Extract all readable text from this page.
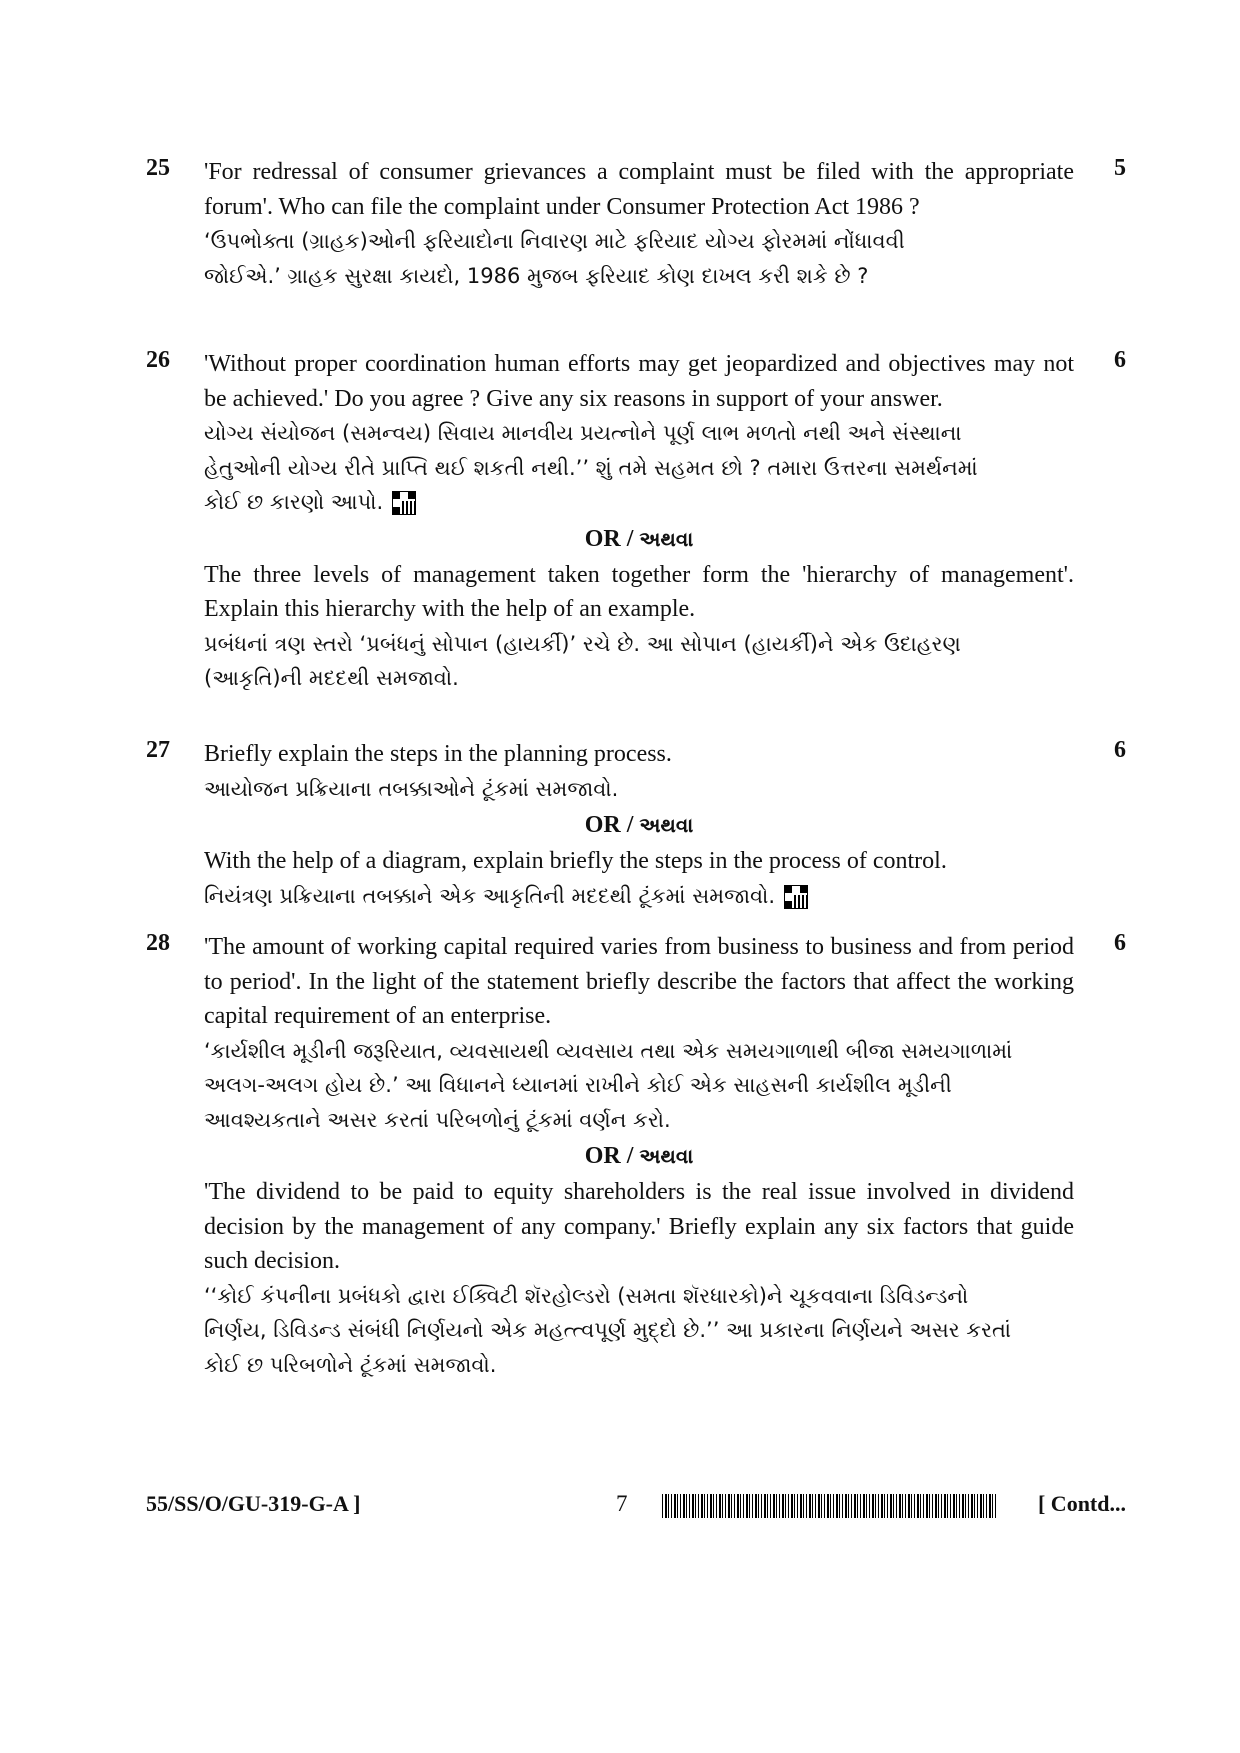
25	5

'For redressal of consumer grievances a complaint must be filed with the appropriate forum'. Who can file the complaint under Consumer Protection Act 1986 ?

‘ઉપભોક્તા (ગ્રાહક)ઓની ફરિયાદોના નિવારણ માટે ફરિયાદ યોગ્ય ફોરમમાં નોંધાવવી

જોઈએ.’ ગ્રાહક સુરક્ષા કાયદો, 1986 મુજબ ફરિયાદ કોણ દાખલ કરી શકે છે ?

26	6

'Without proper coordination human efforts may get jeopardized and objectives may not be achieved.' Do you agree ? Give any six reasons in support of your answer.

યોગ્ય સંયોજન (સમન્વય) સિવાય માનવીય પ્રયત્નોને પૂર્ણ લાભ મળતો નથી અને સંસ્થાના

હેતુઓની યોગ્ય રીતે પ્રાપ્તિ થઈ શકતી નથી.’’ શું તમે સહમત છો ? તમારા ઉત્તરના સમર્થનમાં

કોઈ છ કારણો આપો.

OR / અથવા

The three levels of management taken together form the 'hierarchy of management'. Explain this hierarchy with the help of an example.

પ્રબંધનાં ત્રણ સ્તરો ‘પ્રબંધનું સોપાન (હાયર્કી)’ રચે છે. આ સોપાન (હાયર્કી)ને એક ઉદાહરણ

(આકૃતિ)ની મદદથી સમજાવો.

27	6

Briefly explain the steps in the planning process.

આયોજન પ્રક્રિયાના તબક્કાઓને ટૂંકમાં સમજાવો.

OR / અથવા

With the help of a diagram, explain briefly the steps in the process of control.

નિયંત્રણ પ્રક્રિયાના તબક્કાને એક આકૃતિની મદદથી ટૂંકમાં સમજાવો.

28	6

'The amount of working capital required varies from business to business and from period to period'. In the light of the statement briefly describe the factors that affect the working capital requirement of an enterprise.

‘કાર્યશીલ મૂડીની જરૂરિયાત, વ્યવસાયથી વ્યવસાય તથા એક સમયગાળાથી બીજા સમયગાળામાં

અલગ-અલગ હોય છે.’ આ વિધાનને ધ્યાનમાં રાખીને કોઈ એક સાહસની કાર્યશીલ મૂડીની

આવશ્યકતાને અસર કરતાં પરિબળોનું ટૂંકમાં વર્ણન કરો.

OR / અથવા

'The dividend to be paid to equity shareholders is the real issue involved in dividend decision by the management of any company.' Briefly explain any six factors that guide such decision.

‘‘કોઈ કંપનીના પ્રબંધકો દ્વારા ઈક્વિટી શૅરહોલ્ડરો (સમતા શૅરધારકો)ને ચૂકવવાના ડિવિડન્ડનો

નિર્ણય, ડિવિડન્ડ સંબંધી નિર્ણયનો એક મહત્ત્વપૂર્ણ મુદ્દો છે.’’ આ પ્રકારના નિર્ણયને અસર કરતાં

કોઈ છ પરિબળોને ટૂંકમાં સમજાવો.

55/SS/O/GU-319-G-A ]	7	[ Contd...
